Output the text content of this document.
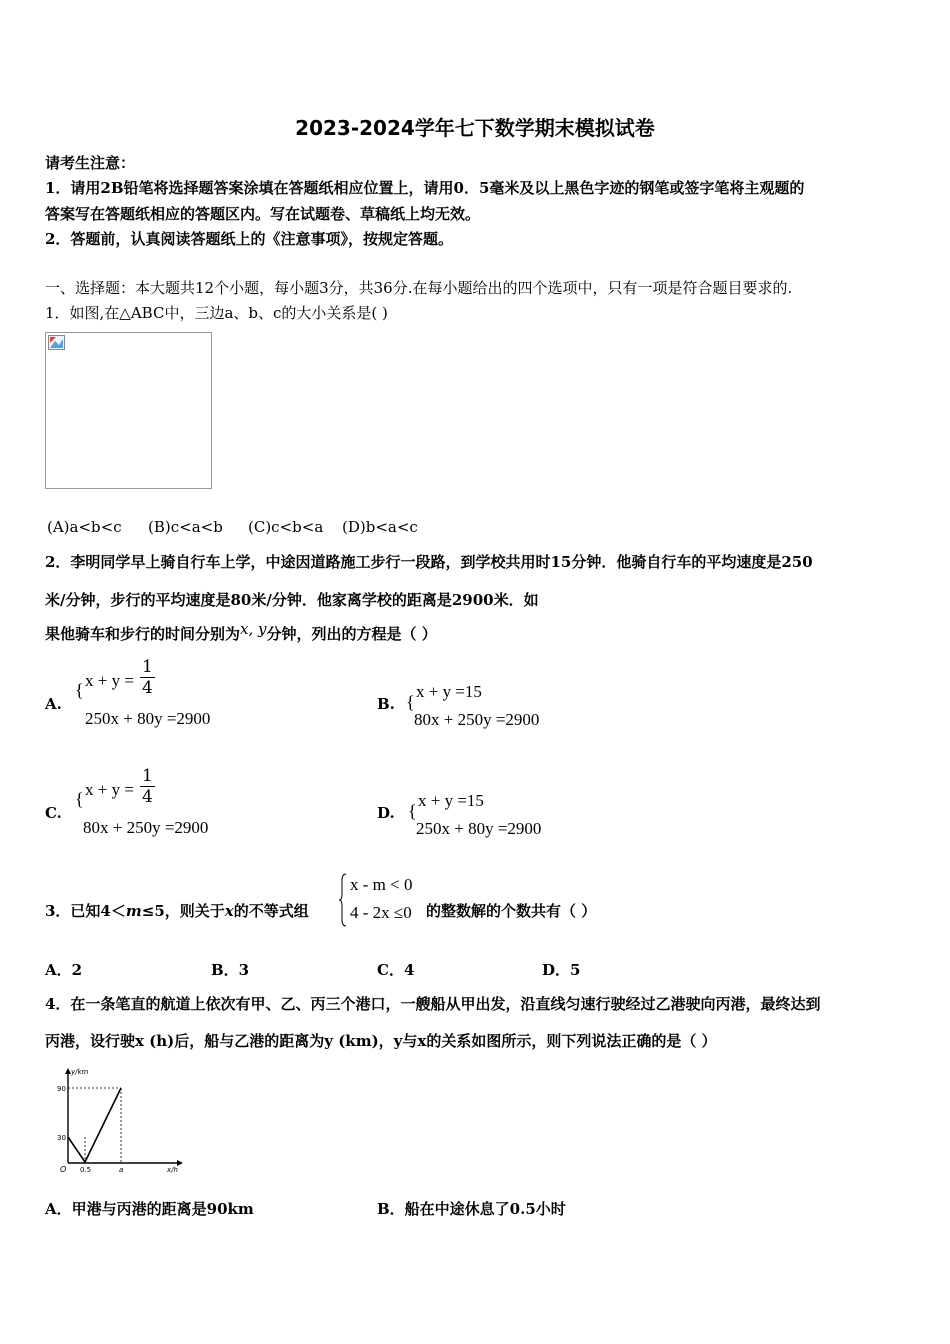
2023-2024学年七下数学期末模拟试卷
请考生注意：
1．请用2B铅笔将选择题答案涂填在答题纸相应位置上，请用0．5毫米及以上黑色字迹的钢笔或签字笔将主观题的
答案写在答题纸相应的答题区内。写在试题卷、草稿纸上均无效。
2．答题前，认真阅读答题纸上的《注意事项》，按规定答题。
一、选择题：本大题共12个小题，每小题3分，共36分.在每小题给出的四个选项中，只有一项是符合题目要求的.
1．如图,在△ABC中，三边a、b、c的大小关系是( )
(A)a<b<c (B)c<a<b (C)c<b<a (D)b<a<c
2．李明同学早上骑自行车上学，中途因道路施工步行一段路，到学校共用时15分钟．他骑自行车的平均速度是250
米/分钟，步行的平均速度是80米/分钟．他家离学校的距离是2900米．如
果他骑车和步行的时间分别为x, y分钟，列出的方程是（ ）
A.
{ $x + y = \frac{1}{4}$
250x + 80y =2900
B. {
x + y =15
80x + 250y =2900
C.
{ $x + y = \frac{1}{4}$
80x + 250y =2900
D. {
x + y =15
250x + 80y =2900
3．已知4＜m≤5，则关于x的不等式组
x - m < 0
4 - 2x ≤0 的整数解的个数共有（ ）
A．2	B．3	C．4	D．5
4．在一条笔直的航道上依次有甲、乙、丙三个港口，一艘船从甲出发，沿直线匀速行驶经过乙港驶向丙港，最终达到
丙港，设行驶x (h)后，船与乙港的距离为y (km)，y与x的关系如图所示，则下列说法正确的是（ ）
y/km
x/h
90
30
O 0.5	a
A．甲港与丙港的距离是90km	B．船在中途休息了0.5小时
